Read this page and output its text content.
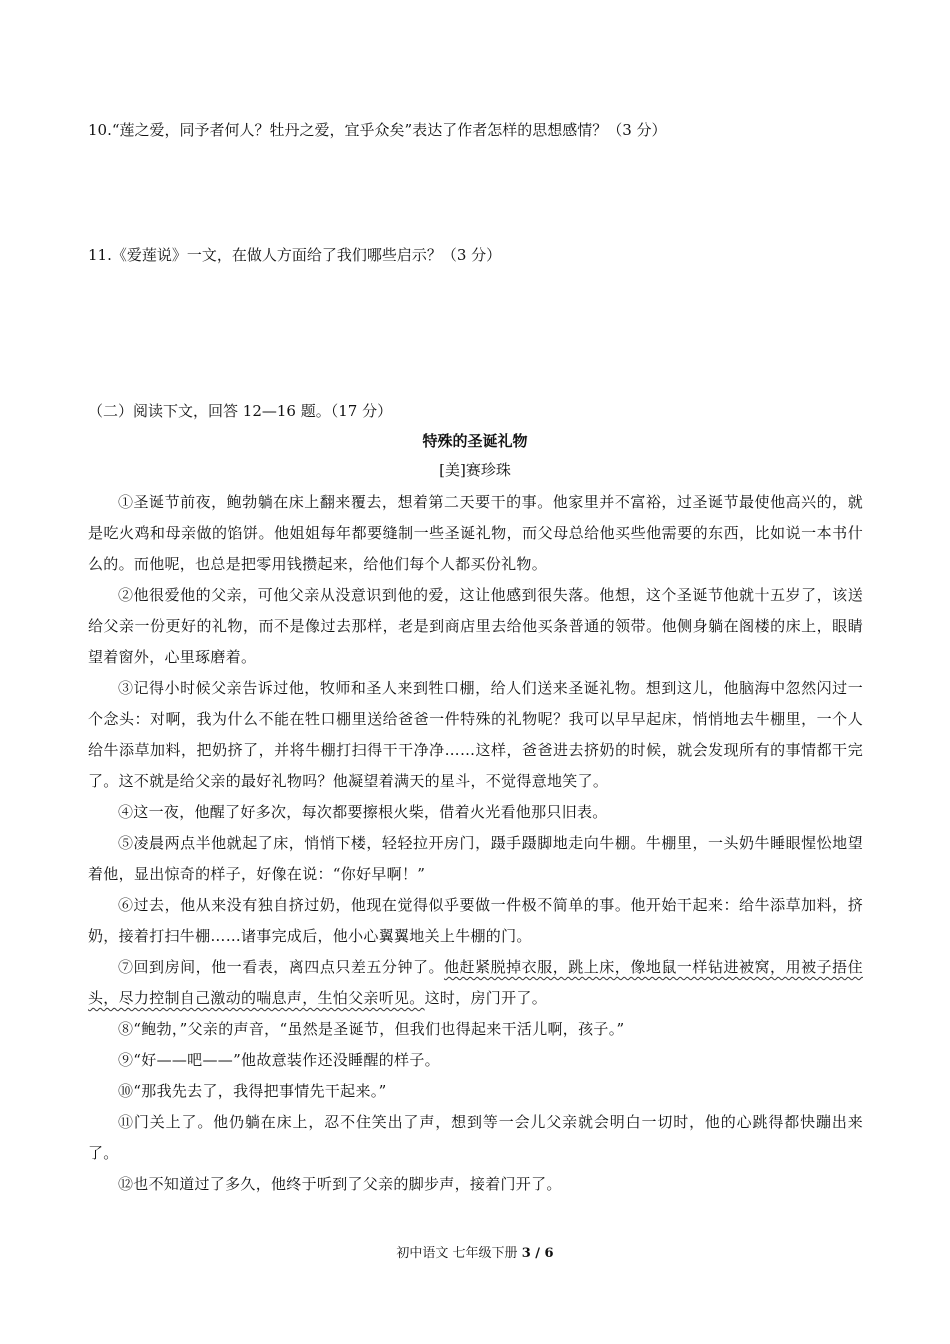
10.“莲之爱，同予者何人？牡丹之爱，宜乎众矣”表达了作者怎样的思想感情？（3 分）
11.《爱莲说》一文，在做人方面给了我们哪些启示？（3 分）
（二）阅读下文，回答 12—16 题。（17 分）
特殊的圣诞礼物
[美]赛珍珠

①圣诞节前夜，鲍勃躺在床上翻来覆去，想着第二天要干的事。他家里并不富裕，过圣诞节最使他高兴的，就是吃火鸡和母亲做的馅饼。他姐姐每年都要缝制一些圣诞礼物，而父母总给他买些他需要的东西，比如说一本书什么的。而他呢，也总是把零用钱攒起来，给他们每个人都买份礼物。

②他很爱他的父亲，可他父亲从没意识到他的爱，这让他感到很失落。他想，这个圣诞节他就十五岁了，该送给父亲一份更好的礼物，而不是像过去那样，老是到商店里去给他买条普通的领带。他侧身躺在阁楼的床上，眼睛望着窗外，心里琢磨着。

③记得小时候父亲告诉过他，牧师和圣人来到牲口棚，给人们送来圣诞礼物。想到这儿，他脑海中忽然闪过一个念头：对啊，我为什么不能在牲口棚里送给爸爸一件特殊的礼物呢？我可以早早起床，悄悄地去牛棚里，一个人给牛添草加料，把奶挤了，并将牛棚打扫得干干净净……这样，爸爸进去挤奶的时候，就会发现所有的事情都干完了。这不就是给父亲的最好礼物吗？他凝望着满天的星斗，不觉得意地笑了。

④这一夜，他醒了好多次，每次都要擦根火柴，借着火光看他那只旧表。

⑤凌晨两点半他就起了床，悄悄下楼，轻轻拉开房门，蹑手蹑脚地走向牛棚。牛棚里，一头奶牛睡眼惺忪地望着他，显出惊奇的样子，好像在说：“你好早啊！”

⑥过去，他从来没有独自挤过奶，他现在觉得似乎要做一件极不简单的事。他开始干起来：给牛添草加料，挤奶，接着打扫牛棚……诸事完成后，他小心翼翼地关上牛棚的门。

⑦回到房间，他一看表，离四点只差五分钟了。他赶紧脱掉衣服，跳上床，像地鼠一样钻进被窝，用被子捂住头，尽力控制自己激动的喘息声，生怕父亲听见。这时，房门开了。

⑧“鲍勃，”父亲的声音，“虽然是圣诞节，但我们也得起来干活儿啊，孩子。”

⑨“好——吧——”他故意装作还没睡醒的样子。

⑩“那我先去了，我得把事情先干起来。”

⑪门关上了。他仍躺在床上，忍不住笑出了声，想到等一会儿父亲就会明白一切时，他的心跳得都快蹦出来了。

⑫也不知道过了多久，他终于听到了父亲的脚步声，接着门开了。

初中语文 七年级下册 3 / 6
